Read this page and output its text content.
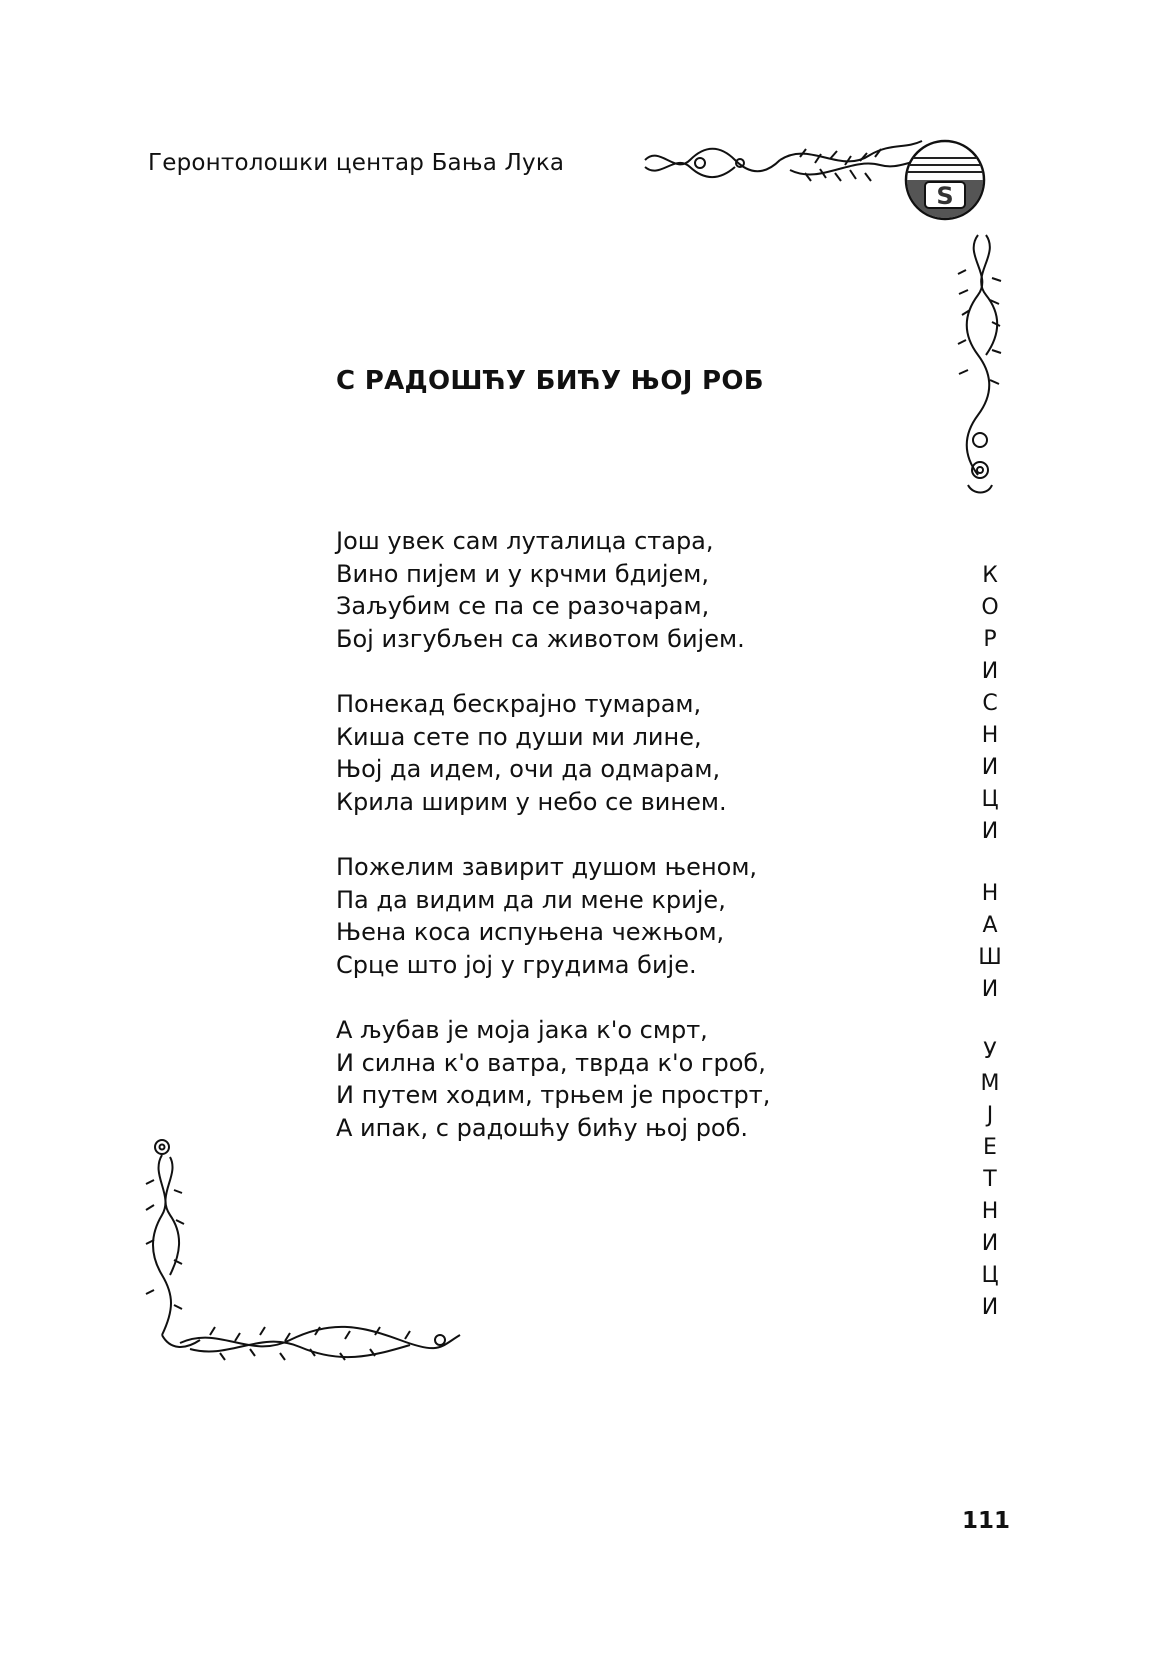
Геронтолошки центар Бања Лука
S
С РАДОШЋУ БИЋУ ЊОЈ РОБ
Још увек сам луталица стара,
Вино пијем и у крчми бдијем,
Заљубим се па се разочарам,
Бој изгубљен са животом бијем.
Понекад бескрајно тумарам,
Киша сете по души ми лине,
Њој да идем, очи да одмарам,
Крила ширим у небо се винем.
Пожелим завирит душом њеном,
Па да видим да ли мене крије,
Њена коса испуњена чежњом,
Срце што јој у грудима бије.
А љубав је моја јака к'о смрт,
И силна к'о ватра, тврда к'о гроб,
И путем ходим, трњем је прострт,
А ипак, с радошћу бићу њој роб.
К
О
Р
И
С
Н
И
Ц
И
Н
А
Ш
И
У
М
Ј
Е
Т
Н
И
Ц
И
111
